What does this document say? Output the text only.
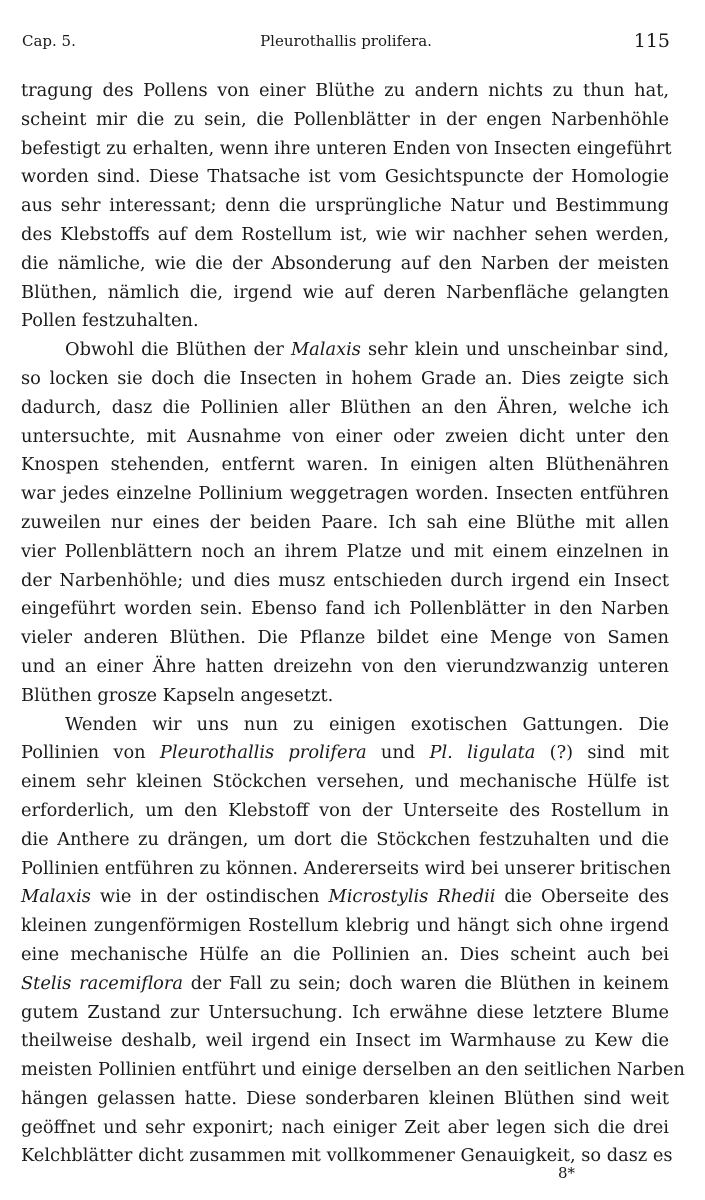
Cap. 5.	Pleurothallis prolifera.	115
tragung des Pollens von einer Blüthe zu andern nichts zu thun hat,
scheint mir die zu sein, die Pollenblätter in der engen Narbenhöhle
befestigt zu erhalten, wenn ihre unteren Enden von Insecten eingeführt
worden sind. Diese Thatsache ist vom Gesichtspuncte der Homologie
aus sehr interessant; denn die ursprüngliche Natur und Bestimmung
des Klebstoffs auf dem Rostellum ist, wie wir nachher sehen werden,
die nämliche, wie die der Absonderung auf den Narben der meisten
Blüthen, nämlich die, irgend wie auf deren Narbenfläche gelangten
Pollen festzuhalten.
Obwohl die Blüthen der Malaxis sehr klein und unscheinbar sind,
so locken sie doch die Insecten in hohem Grade an. Dies zeigte sich
dadurch, dasz die Pollinien aller Blüthen an den Ähren, welche ich
untersuchte, mit Ausnahme von einer oder zweien dicht unter den
Knospen stehenden, entfernt waren. In einigen alten Blüthenähren
war jedes einzelne Pollinium weggetragen worden. Insecten entführen
zuweilen nur eines der beiden Paare. Ich sah eine Blüthe mit allen
vier Pollenblättern noch an ihrem Platze und mit einem einzelnen in
der Narbenhöhle; und dies musz entschieden durch irgend ein Insect
eingeführt worden sein. Ebenso fand ich Pollenblätter in den Narben
vieler anderen Blüthen. Die Pflanze bildet eine Menge von Samen
und an einer Ähre hatten dreizehn von den vierundzwanzig unteren
Blüthen grosze Kapseln angesetzt.
Wenden wir uns nun zu einigen exotischen Gattungen. Die
Pollinien von Pleurothallis prolifera und Pl. ligulata (?) sind mit
einem sehr kleinen Stöckchen versehen, und mechanische Hülfe ist
erforderlich, um den Klebstoff von der Unterseite des Rostellum in
die Anthere zu drängen, um dort die Stöckchen festzuhalten und die
Pollinien entführen zu können. Andererseits wird bei unserer britischen
Malaxis wie in der ostindischen Microstylis Rhedii die Oberseite des
kleinen zungenförmigen Rostellum klebrig und hängt sich ohne irgend
eine mechanische Hülfe an die Pollinien an. Dies scheint auch bei
Stelis racemiflora der Fall zu sein; doch waren die Blüthen in keinem
gutem Zustand zur Untersuchung. Ich erwähne diese letztere Blume
theilweise deshalb, weil irgend ein Insect im Warmhause zu Kew die
meisten Pollinien entführt und einige derselben an den seitlichen Narben
hängen gelassen hatte. Diese sonderbaren kleinen Blüthen sind weit
geöffnet und sehr exponirt; nach einiger Zeit aber legen sich die drei
Kelchblätter dicht zusammen mit vollkommener Genauigkeit, so dasz es
8*
